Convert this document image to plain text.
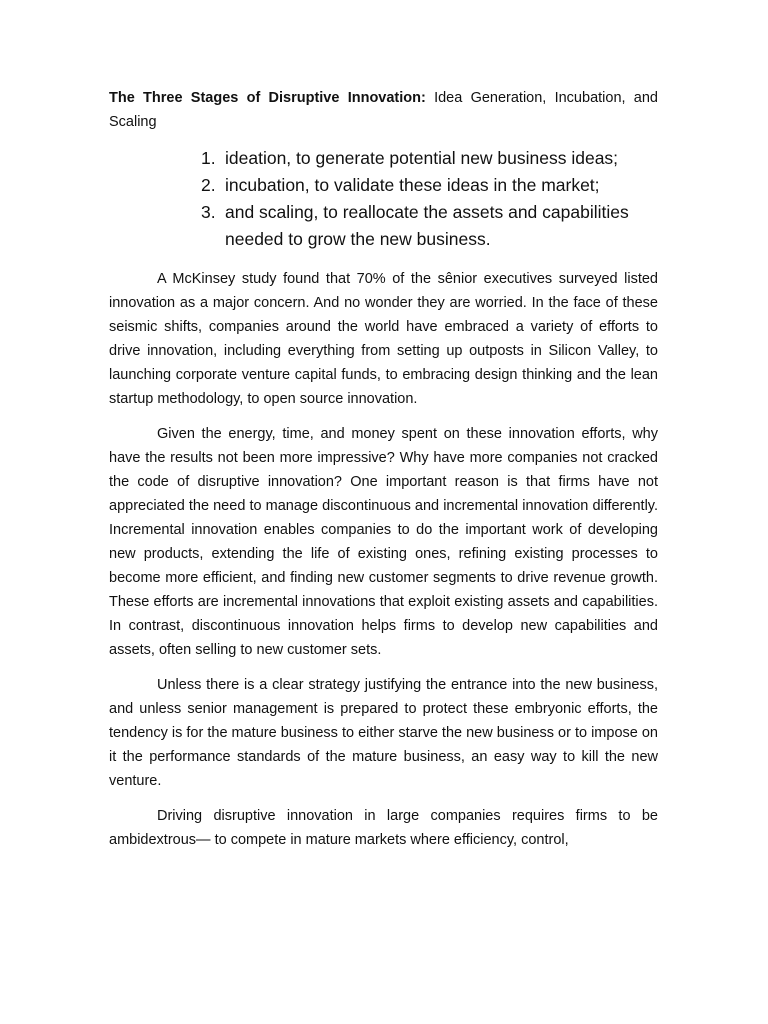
The Three Stages of Disruptive Innovation: Idea Generation, Incubation, and Scaling

1. ideation, to generate potential new business ideas;
2. incubation, to validate these ideas in the market;
3. and scaling, to reallocate the assets and capabilities needed to grow the new business.

A McKinsey study found that 70% of the sênior executives surveyed listed innovation as a major concern. And no wonder they are worried. In the face of these seismic shifts, companies around the world have embraced a variety of efforts to drive innovation, including everything from setting up outposts in Silicon Valley, to launching corporate venture capital funds, to embracing design thinking and the lean startup methodology, to open source innovation.

Given the energy, time, and money spent on these innovation efforts, why have the results not been more impressive? Why have more companies not cracked the code of disruptive innovation? One important reason is that firms have not appreciated the need to manage discontinuous and incremental innovation differently. Incremental innovation enables companies to do the important work of developing new products, extending the life of existing ones, refining existing processes to become more efficient, and finding new customer segments to drive revenue growth. These efforts are incremental innovations that exploit existing assets and capabilities. In contrast, discontinuous innovation helps firms to develop new capabilities and assets, often selling to new customer sets.

Unless there is a clear strategy justifying the entrance into the new business, and unless senior management is prepared to protect these embryonic efforts, the tendency is for the mature business to either starve the new business or to impose on it the performance standards of the mature business, an easy way to kill the new venture.

Driving disruptive innovation in large companies requires firms to be ambidextrous— to compete in mature markets where efficiency, control,
